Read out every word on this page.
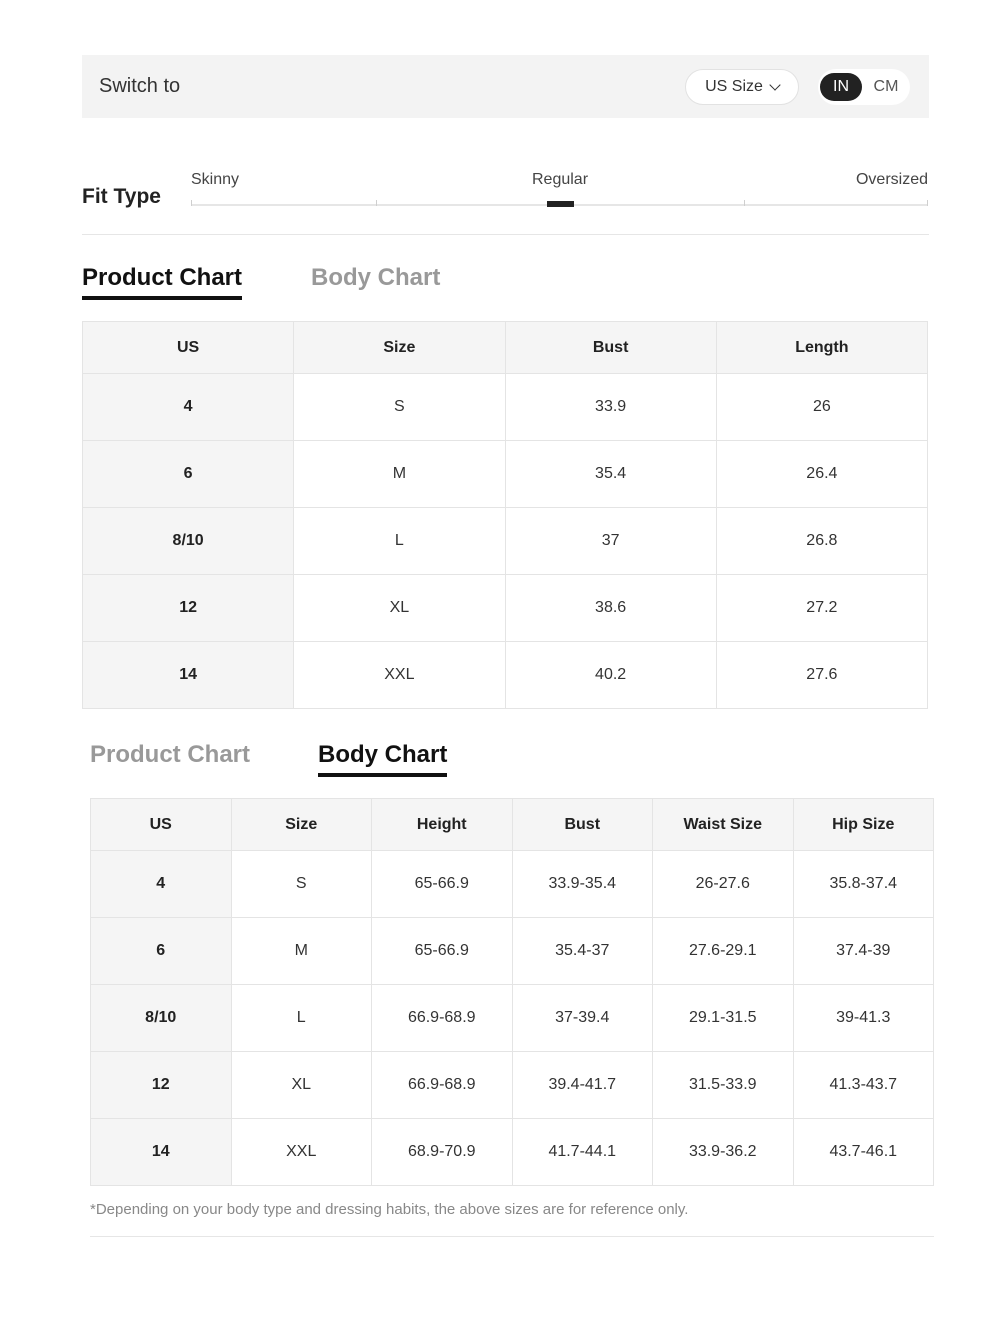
Switch to	US Size	IN	CM
Fit Type
Skinny	Regular	Oversized
Product Chart	Body Chart
US	Size	Bust	Length
4	S	33.9	26
6	M	35.4	26.4
8/10	L	37	26.8
12	XL	38.6	27.2
14	XXL	40.2	27.6
Product Chart	Body Chart
US	Size	Height	Bust	Waist Size	Hip Size
4	S	65-66.9	33.9-35.4	26-27.6	35.8-37.4
6	M	65-66.9	35.4-37	27.6-29.1	37.4-39
8/10	L	66.9-68.9	37-39.4	29.1-31.5	39-41.3
12	XL	66.9-68.9	39.4-41.7	31.5-33.9	41.3-43.7
14	XXL	68.9-70.9	41.7-44.1	33.9-36.2	43.7-46.1
*Depending on your body type and dressing habits, the above sizes are for reference only.
